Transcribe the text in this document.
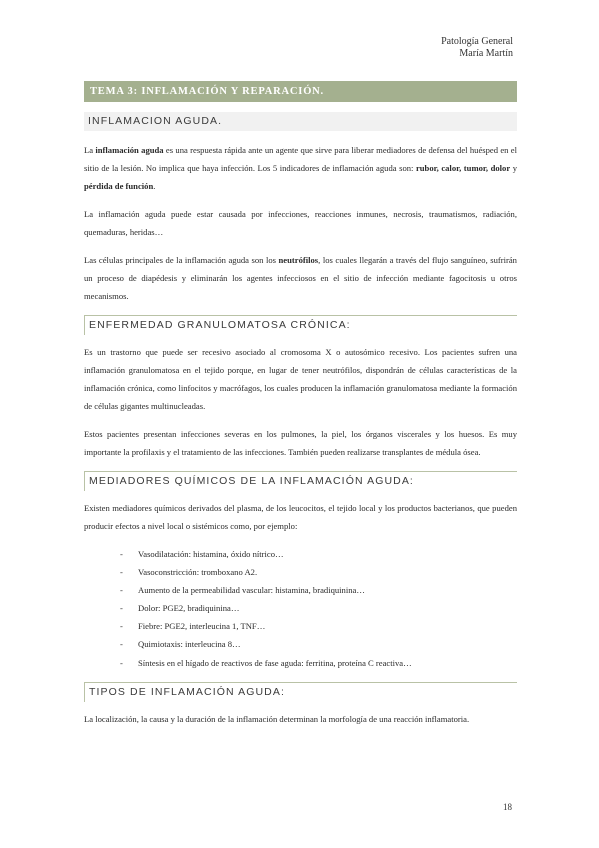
Patología General
María Martín
TEMA 3: INFLAMACIÓN Y REPARACIÓN.
INFLAMACION AGUDA.

La inflamación aguda es una respuesta rápida ante un agente que sirve para liberar mediadores de defensa del huésped en el sitio de la lesión. No implica que haya infección. Los 5 indicadores de inflamación aguda son: rubor, calor, tumor, dolor y pérdida de función.

La inflamación aguda puede estar causada por infecciones, reacciones inmunes, necrosis, traumatismos, radiación, quemaduras, heridas…

Las células principales de la inflamación aguda son los neutrófilos, los cuales llegarán a través del flujo sanguíneo, sufrirán un proceso de diapédesis y eliminarán los agentes infecciosos en el sitio de infección mediante fagocitosis u otros mecanismos.

ENFERMEDAD GRANULOMATOSA CRÓNICA:

Es un trastorno que puede ser recesivo asociado al cromosoma X o autosómico recesivo. Los pacientes sufren una inflamación granulomatosa en el tejido porque, en lugar de tener neutrófilos, dispondrán de células características de la inflamación crónica, como linfocitos y macrófagos, los cuales producen la inflamación granulomatosa mediante la formación de células gigantes multinucleadas.

Estos pacientes presentan infecciones severas en los pulmones, la piel, los órganos viscerales y los huesos. Es muy importante la profilaxis y el tratamiento de las infecciones. También pueden realizarse transplantes de médula ósea.

MEDIADORES QUÍMICOS DE LA INFLAMACIÓN AGUDA:

Existen mediadores químicos derivados del plasma, de los leucocitos, el tejido local y los productos bacterianos, que pueden producir efectos a nivel local o sistémicos como, por ejemplo:

- Vasodilatación: histamina, óxido nítrico…
- Vasoconstricción: tromboxano A2.
- Aumento de la permeabilidad vascular: histamina, bradiquinina…
- Dolor: PGE2, bradiquinina…
- Fiebre: PGE2, interleucina 1, TNF…
- Quimiotaxis: interleucina 8…
- Síntesis en el hígado de reactivos de fase aguda: ferritina, proteína C reactiva…
TIPOS DE INFLAMACIÓN AGUDA:

La localización, la causa y la duración de la inflamación determinan la morfología de una reacción inflamatoria.

18
